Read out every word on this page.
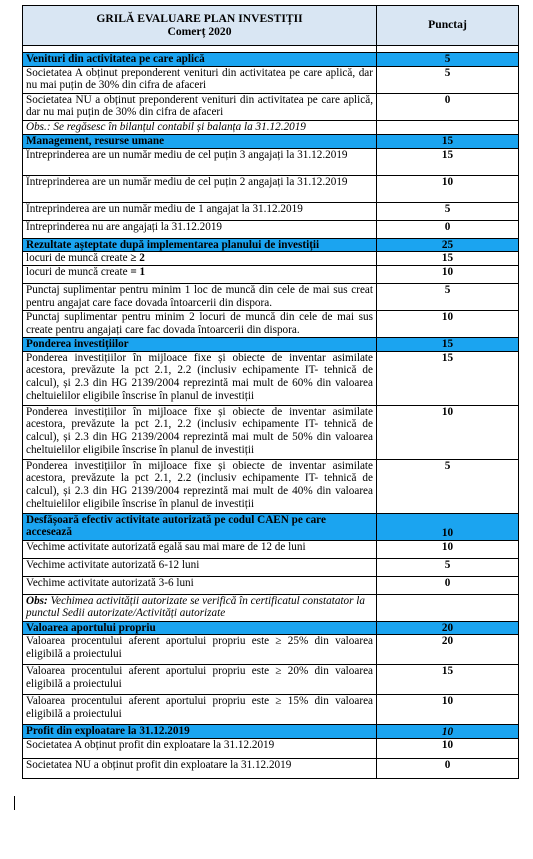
GRILĂ EVALUARE PLAN INVESTIȚII
Comerț 2020	Punctaj

Venituri din activitatea pe care aplică	5
Societatea A obținut preponderent venituri din activitatea pe care aplică, dar nu mai puțin de 30% din cifra de afaceri	5
Societatea NU a obținut preponderent venituri din activitatea pe care aplică, dar nu mai puțin de 30% din cifra de afaceri	0
Obs.: Se regăsesc în bilanțul contabil și balanța la 31.12.2019	
Management, resurse umane	15
Întreprinderea are un număr mediu de cel puțin 3 angajați la 31.12.2019	15
Întreprinderea are un număr mediu de cel puțin 2 angajați la 31.12.2019	10
Întreprinderea are un număr mediu de 1 angajat la 31.12.2019	5
Întreprinderea nu are angajați la 31.12.2019	0
Rezultate așteptate după implementarea planului de investiții	25
locuri de muncă create ≥ 2	15
locuri de muncă create = 1	10
Punctaj suplimentar pentru minim 1 loc de muncă din cele de mai sus creat pentru angajat care face dovada întoarcerii din dispora.	5
Punctaj suplimentar pentru minim 2 locuri de muncă din cele de mai sus create pentru angajați care fac dovada întoarcerii din dispora.	10
Ponderea investițiilor	15
Ponderea investițiilor în mijloace fixe și obiecte de inventar asimilate acestora, prevăzute la pct 2.1, 2.2 (inclusiv echipamente IT- tehnică de calcul), și 2.3 din HG 2139/2004 reprezintă mai mult de 60% din valoarea cheltuielilor eligibile înscrise în planul de investiții	15
Ponderea investițiilor în mijloace fixe și obiecte de inventar asimilate acestora, prevăzute la pct 2.1, 2.2 (inclusiv echipamente IT- tehnică de calcul), și 2.3 din HG 2139/2004 reprezintă mai mult de 50% din valoarea cheltuielilor eligibile înscrise în planul de investiții	10
Ponderea investițiilor în mijloace fixe și obiecte de inventar asimilate acestora, prevăzute la pct 2.1, 2.2 (inclusiv echipamente IT- tehnică de calcul), și 2.3 din HG 2139/2004 reprezintă mai mult de 40% din valoarea cheltuielilor eligibile înscrise în planul de investiții	5
Desfășoară efectiv activitate autorizată pe codul CAEN pe care accesează	10
Vechime activitate autorizată egală sau mai mare de 12 de luni	10
Vechime activitate autorizată 6-12 luni	5
Vechime activitate autorizată 3-6 luni	0
Obs: Vechimea activității autorizate se verifică în certificatul constatator la punctul Sedii autorizate/Activități autorizate	
Valoarea aportului propriu	20
Valoarea procentului aferent aportului propriu este ≥ 25% din valoarea eligibilă a proiectului	20
Valoarea procentului aferent aportului propriu este ≥ 20% din valoarea eligibilă a proiectului	15
Valoarea procentului aferent aportului propriu este ≥ 15% din valoarea eligibilă a proiectului	10
Profit din exploatare la 31.12.2019	10
Societatea A obținut profit din exploatare la 31.12.2019	10
Societatea NU a obținut profit din exploatare la 31.12.2019	0
